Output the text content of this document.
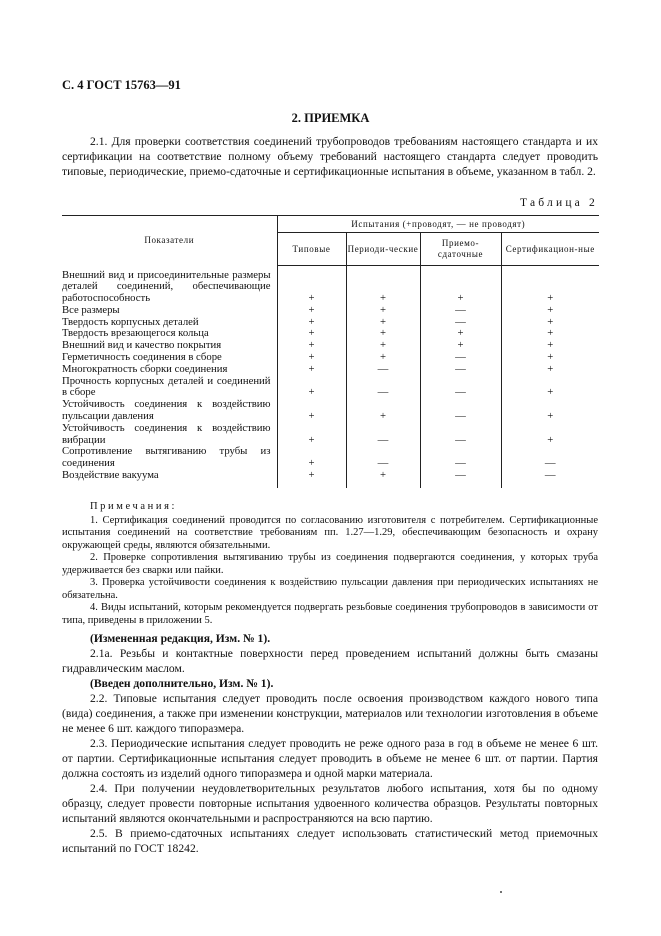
С. 4 ГОСТ 15763—91
2. ПРИЕМКА

2.1. Для проверки соответствия соединений трубопроводов требованиям настоящего стандарта и их сертификации на соответствие полному объему требований настоящего стандарта следует проводить типовые, периодические, приемо-сдаточные и сертификационные испытания в объеме, указанном в табл. 2.

Таблица 2
Показатели	Испытания (+проводят, — не проводят)			
	Типовые	Периоди-ческие	Приемо-сдаточные	Сертификацион-ные
Внешний вид и присоединительные размеры деталей соединений, обеспечивающие работоспособность	+	+	+	+
Все размеры	+	+	—	+
Твердость корпусных деталей	+	+	—	+
Твердость врезающегося кольца	+	+	+	+
Внешний вид и качество покрытия	+	+	+	+
Герметичность соединения в сборе	+	+	—	+
Многократность сборки соединения	+	—	—	+
Прочность корпусных деталей и соединений в сборе	+	—	—	+
Устойчивость соединения к воздействию пульсации давления	+	+	—	+
Устойчивость соединения к воздействию вибрации	+	—	—	+
Сопротивление вытягиванию трубы из соединения	+	—	—	—
Воздействие вакуума	+	+	—	—

Примечания:

1. Сертификация соединений проводится по согласованию изготовителя с потребителем. Сертификационные испытания соединений на соответствие требованиям пп. 1.27—1.29, обеспечивающим безопасность и охрану окружающей среды, являются обязательными.

2. Проверке сопротивления вытягиванию трубы из соединения подвергаются соединения, у которых труба удерживается без сварки или пайки.

3. Проверка устойчивости соединения к воздействию пульсации давления при периодических испытаниях не обязательна.

4. Виды испытаний, которым рекомендуется подвергать резьбовые соединения трубопроводов в зависимости от типа, приведены в приложении 5.

(Измененная редакция, Изм. № 1).

2.1а. Резьбы и контактные поверхности перед проведением испытаний должны быть смазаны гидравлическим маслом.

(Введен дополнительно, Изм. № 1).

2.2. Типовые испытания следует проводить после освоения производством каждого нового типа (вида) соединения, а также при изменении конструкции, материалов или технологии изготовления в объеме не менее 6 шт. каждого типоразмера.

2.3. Периодические испытания следует проводить не реже одного раза в год в объеме не менее 6 шт. от партии. Сертификационные испытания следует проводить в объеме не менее 6 шт. от партии. Партия должна состоять из изделий одного типоразмера и одной марки материала.

2.4. При получении неудовлетворительных результатов любого испытания, хотя бы по одному образцу, следует провести повторные испытания удвоенного количества образцов. Результаты повторных испытаний являются окончательными и распространяются на всю партию.

2.5. В приемо-сдаточных испытаниях следует использовать статистический метод приемочных испытаний по ГОСТ 18242.
